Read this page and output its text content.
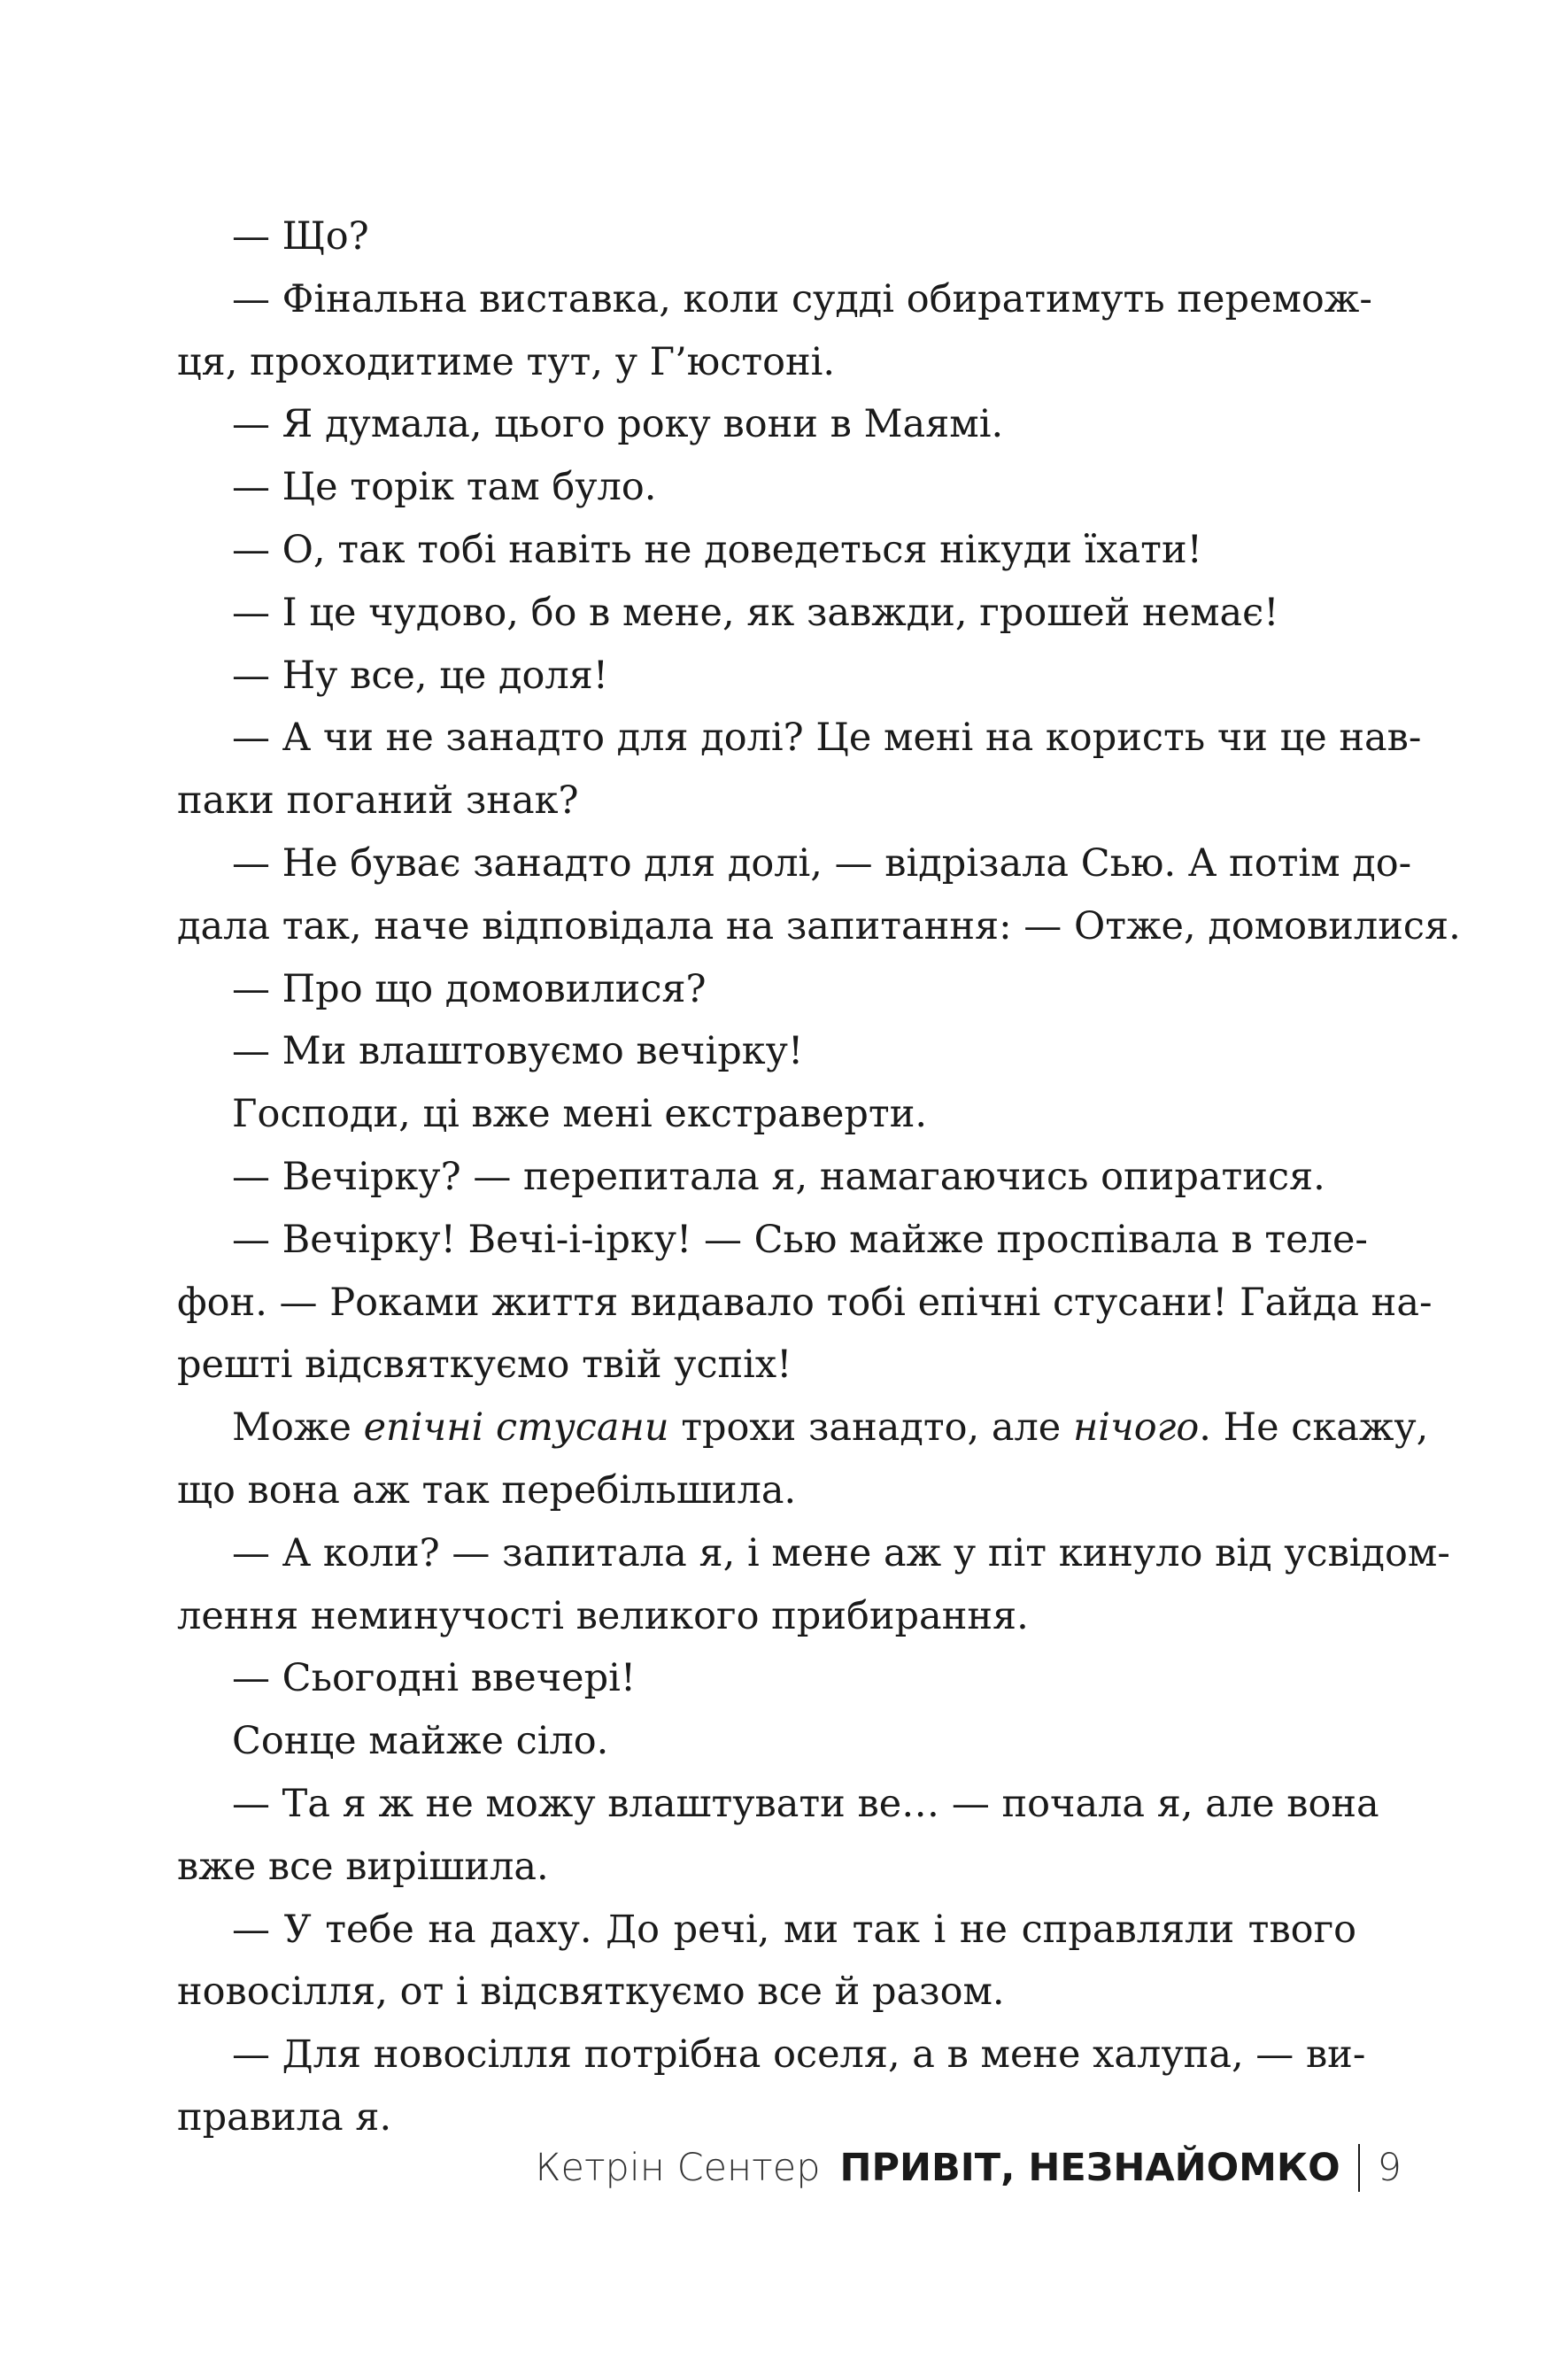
— Що?
— Фінальна виставка, коли судді обиратимуть перемож-
ця, проходитиме тут, у Г’юстоні.
— Я думала, цього року вони в Маямі.
— Це торік там було.
— О, так тобі навіть не доведеться нікуди їхати!
— І це чудово, бо в мене, як завжди, грошей немає!
— Ну все, це доля!
— А чи не занадто для долі? Це мені на користь чи це нав-
паки поганий знак?
— Не буває занадто для долі, — відрізала Сью. А потім до-
дала так, наче відповідала на запитання: — Отже, домовилися.
— Про що домовилися?
— Ми влаштовуємо вечірку!
Господи, ці вже мені екстраверти.
— Вечірку? — перепитала я, намагаючись опиратися.
— Вечірку! Вечі-і-ірку! — Сью майже проспівала в теле-
фон. — Роками життя видавало тобі епічні стусани! Гайда на-
решті відсвяткуємо твій успіх!
Може епічні стусани трохи занадто, але нічого. Не скажу,
що вона аж так перебільшила.
— А коли? — запитала я, і мене аж у піт кинуло від усвідом-
лення неминучості великого прибирання.
— Сьогодні ввечері!
Сонце майже сіло.
— Та я ж не можу влаштувати ве… — почала я, але вона
вже все вирішила.
— У тебе на даху. До речі, ми так і не справляли твого
новосілля, от і відсвяткуємо все й разом.
— Для новосілля потрібна оселя, а в мене халупа, — ви-
правила я.
Кетрін Сентер ПРИВІТ, НЕЗНАЙОМКО 9
